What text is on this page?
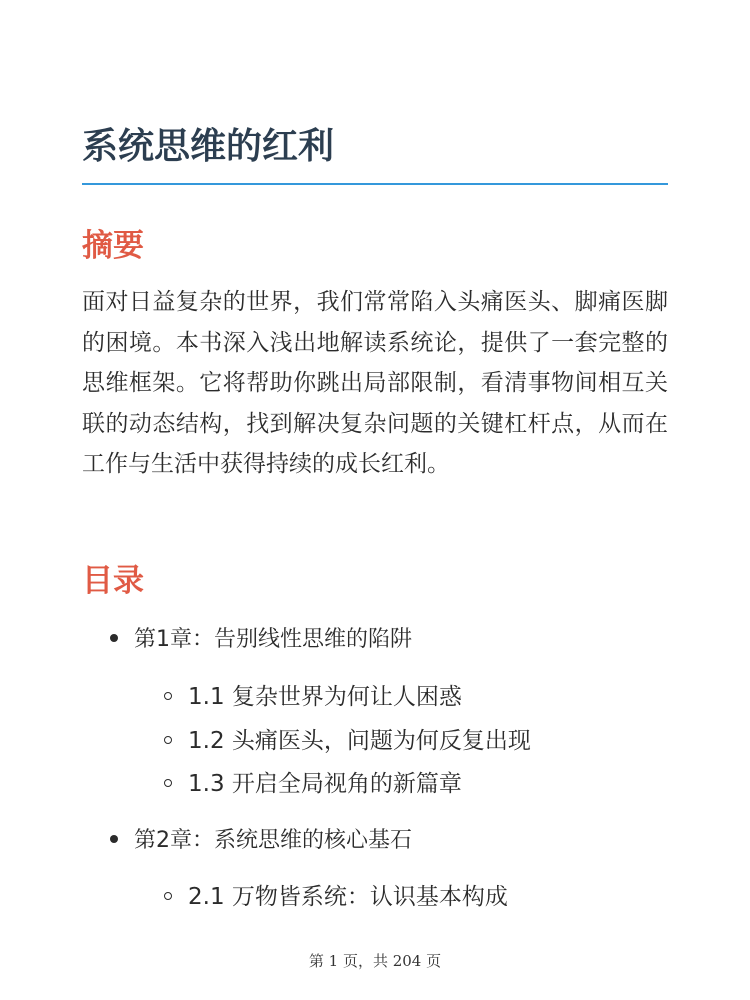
系统思维的红利
摘要

面对日益复杂的世界，我们常常陷入头痛医头、脚痛医脚的困境。本书深入浅出地解读系统论，提供了一套完整的思维框架。它将帮助你跳出局部限制，看清事物间相互关联的动态结构，找到解决复杂问题的关键杠杆点，从而在工作与生活中获得持续的成长红利。

目录
第1章：告别线性思维的陷阱
1.1 复杂世界为何让人困惑
1.2 头痛医头，问题为何反复出现
1.3 开启全局视角的新篇章
第2章：系统思维的核心基石
2.1 万物皆系统：认识基本构成
第 1 页，共 204 页
